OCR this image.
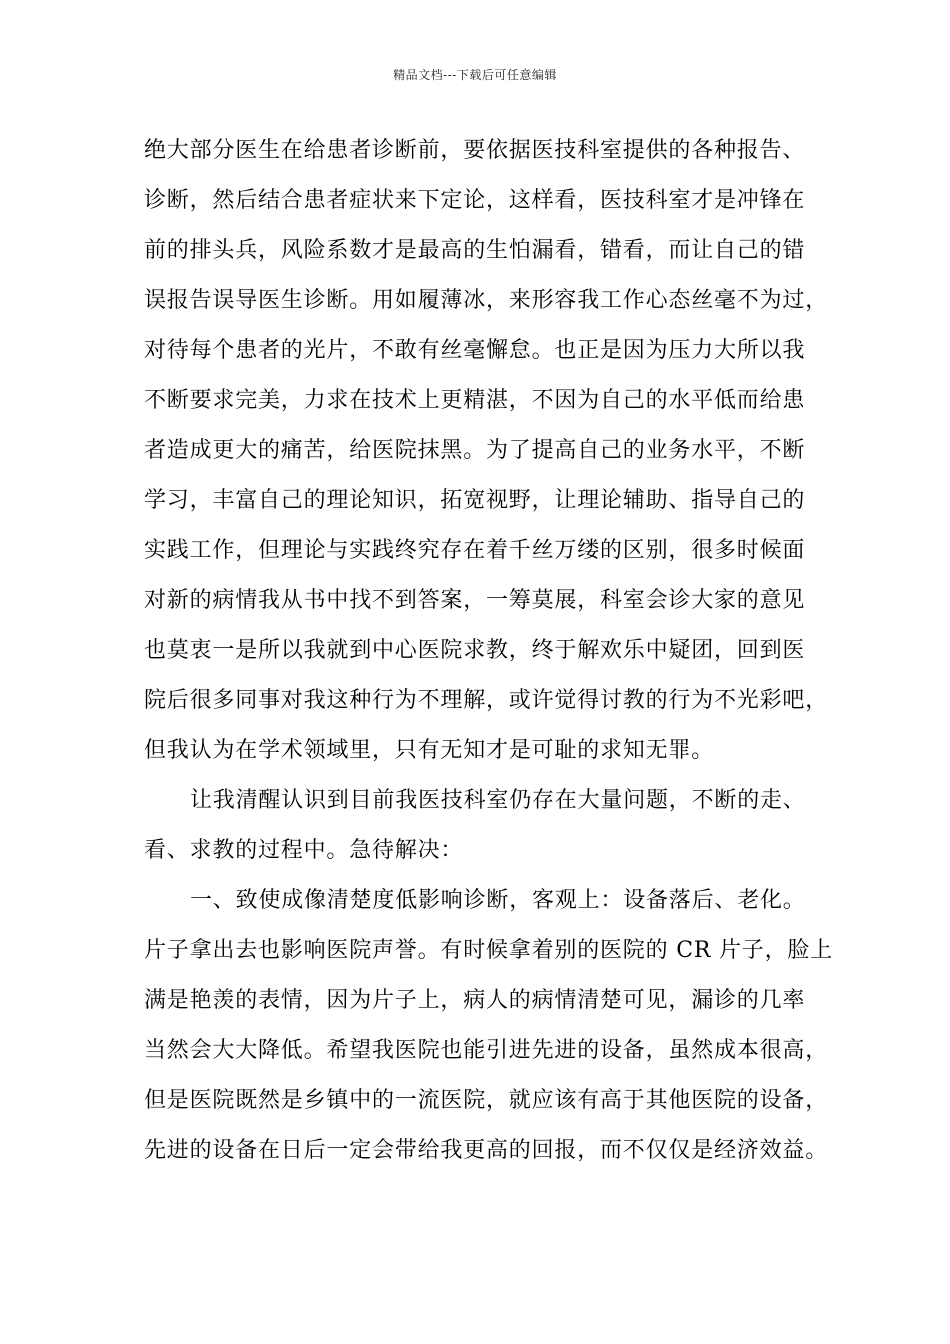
精品文档---下载后可任意编辑
绝大部分医生在给患者诊断前，要依据医技科室提供的各种报告、
诊断，然后结合患者症状来下定论，这样看，医技科室才是冲锋在
前的排头兵，风险系数才是最高的生怕漏看，错看，而让自己的错
误报告误导医生诊断。用如履薄冰，来形容我工作心态丝毫不为过，
对待每个患者的光片，不敢有丝毫懈怠。也正是因为压力大所以我
不断要求完美，力求在技术上更精湛，不因为自己的水平低而给患
者造成更大的痛苦，给医院抹黑。为了提高自己的业务水平，不断
学习，丰富自己的理论知识，拓宽视野，让理论辅助、指导自己的
实践工作，但理论与实践终究存在着千丝万缕的区别，很多时候面
对新的病情我从书中找不到答案，一筹莫展，科室会诊大家的意见
也莫衷一是所以我就到中心医院求教，终于解欢乐中疑团，回到医
院后很多同事对我这种行为不理解，或许觉得讨教的行为不光彩吧，
但我认为在学术领域里，只有无知才是可耻的求知无罪。
让我清醒认识到目前我医技科室仍存在大量问题，不断的走、
看、求教的过程中。急待解决：
一、致使成像清楚度低影响诊断，客观上：设备落后、老化。
片子拿出去也影响医院声誉。有时候拿着别的医院的 CR 片子，脸上
满是艳羡的表情，因为片子上，病人的病情清楚可见，漏诊的几率
当然会大大降低。希望我医院也能引进先进的设备，虽然成本很高，
但是医院既然是乡镇中的一流医院，就应该有高于其他医院的设备，
先进的设备在日后一定会带给我更高的回报，而不仅仅是经济效益。
